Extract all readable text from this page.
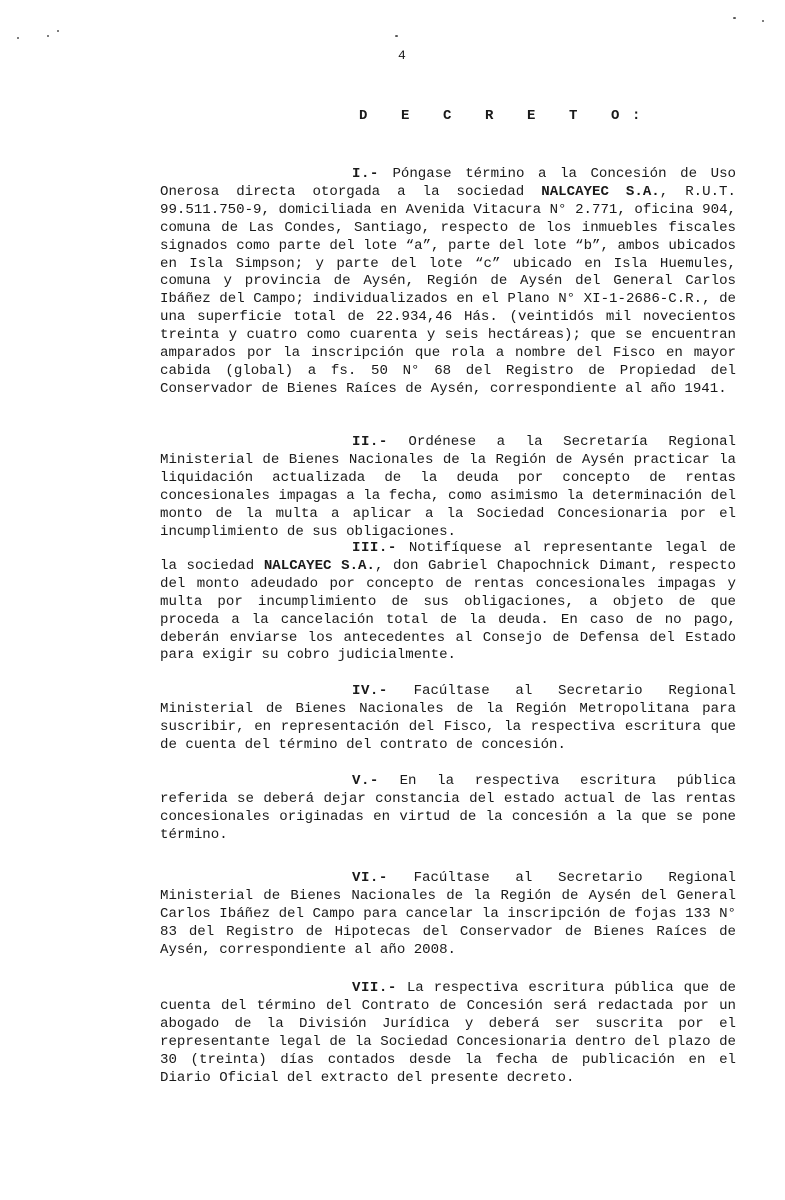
4
D E C R E T O:

I.- Póngase término a la Concesión de Uso Onerosa directa otorgada a la sociedad NALCAYEC S.A., R.U.T. 99.511.750-9, domiciliada en Avenida Vitacura N° 2.771, oficina 904, comuna de Las Condes, Santiago, respecto de los inmuebles fiscales signados como parte del lote “a”, parte del lote “b”, ambos ubicados en Isla Simpson; y parte del lote “c” ubicado en Isla Huemules, comuna y provincia de Aysén, Región de Aysén del General Carlos Ibáñez del Campo; individualizados en el Plano N° XI-1-2686-C.R., de una superficie total de 22.934,46 Hás. (veintidós mil novecientos treinta y cuatro como cuarenta y seis hectáreas); que se encuentran amparados por la inscripción que rola a nombre del Fisco en mayor cabida (global) a fs. 50 N° 68 del Registro de Propiedad del Conservador de Bienes Raíces de Aysén, correspondiente al año 1941.

II.- Ordénese a la Secretaría Regional Ministerial de Bienes Nacionales de la Región de Aysén practicar la liquidación actualizada de la deuda por concepto de rentas concesionales impagas a la fecha, como asimismo la determinación del monto de la multa a aplicar a la Sociedad Concesionaria por el incumplimiento de sus obligaciones.

III.- Notifíquese al representante legal de la sociedad NALCAYEC S.A., don Gabriel Chapochnick Dimant, respecto del monto adeudado por concepto de rentas concesionales impagas y multa por incumplimiento de sus obligaciones, a objeto de que proceda a la cancelación total de la deuda. En caso de no pago, deberán enviarse los antecedentes al Consejo de Defensa del Estado para exigir su cobro judicialmente.

IV.- Facúltase al Secretario Regional Ministerial de Bienes Nacionales de la Región Metropolitana para suscribir, en representación del Fisco, la respectiva escritura que de cuenta del término del contrato de concesión.

V.- En la respectiva escritura pública referida se deberá dejar constancia del estado actual de las rentas concesionales originadas en virtud de la concesión a la que se pone término.

VI.- Facúltase al Secretario Regional Ministerial de Bienes Nacionales de la Región de Aysén del General Carlos Ibáñez del Campo para cancelar la inscripción de fojas 133 N° 83 del Registro de Hipotecas del Conservador de Bienes Raíces de Aysén, correspondiente al año 2008.

VII.- La respectiva escritura pública que de cuenta del término del Contrato de Concesión será redactada por un abogado de la División Jurídica y deberá ser suscrita por el representante legal de la Sociedad Concesionaria dentro del plazo de 30 (treinta) días contados desde la fecha de publicación en el Diario Oficial del extracto del presente decreto.
